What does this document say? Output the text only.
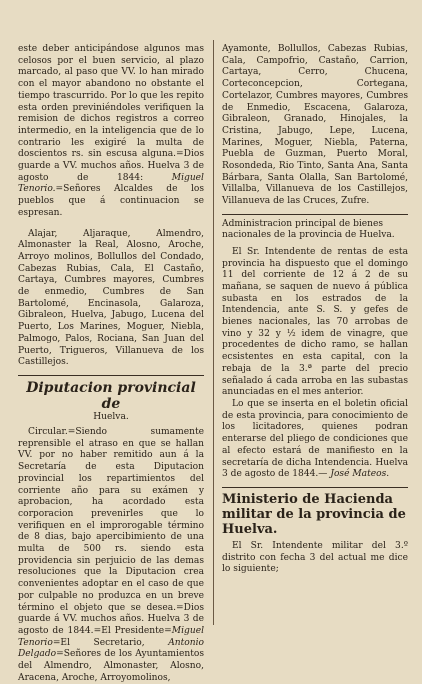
este deber anticipándose algunos mas celosos por el buen servicio, al plazo marcado, al paso que VV. lo han mirado con el mayor abandono no obstante el tiempo trascurrido. Por lo que les repito esta orden previniéndoles verifiquen la remision de dichos registros a correo intermedio, en la inteligencia que de lo contrario les exigiré la multa de doscientos rs. sin escusa alguna.=Dios guarde a VV. muchos años. Huelva 3 de agosto de 1844:	Miguel Tenorio.=Señores Alcaldes de los pueblos que á continuacion se espresan.

Alajar, Aljaraque, Almendro, Almonaster la Real, Alosno, Aroche, Arroyo molinos, Bollullos del Condado, Cabezas Rubias, Cala, El Castaño, Cartaya, Cumbres mayores, Cumbres de enmedio, Cumbres de San Bartolomé, Encinasola, Galaroza, Gibraleon, Huelva, Jabugo, Lucena del Puerto, Los Marines, Moguer, Niebla, Palmogo, Palos, Rociana, San Juan del Puerto, Trigueros, Villanueva de los Castillejos.

Diputacion provincial de
Huelva.

Circular.=Siendo sumamente reprensible el atraso en que se hallan VV. por no haber remitido aun á la Secretaría de esta Diputacion provincial los repartimientos del corriente año para su exámen y aprobacion, ha acordado esta corporacion prevenirles que lo verifiquen en el improrogable término de 8 dias, bajo apercibimiento de una multa de 500 rs. siendo esta providencia sin perjuicio de las demas resoluciones que la Diputacion crea convenientes adoptar en el caso de que por culpable no produzca en un breve término el objeto que se desea.=Dios guarde á VV. muchos años. Huelva 3 de agosto de 1844.=El Presidente=Miguel Tenorio=El Secretario,	Antonio Delgado=Señores de los Ayuntamientos del Almendro, Almonaster, Alosno, Aracena, Aroche, Arroyomolinos,

Ayamonte, Bollullos, Cabezas Rubias, Cala, Campofrio, Castaño, Carrion, Cartaya, Cerro, Chucena, Corteconcepcion, Cortegana, Cortelazor, Cumbres mayores, Cumbres de Enmedio, Escacena, Galaroza, Gibraleon, Granado, Hinojales, la Cristina, Jabugo, Lepe, Lucena, Marines, Moguer, Niebla, Paterna, Puebla de Guzman, Puerto Moral, Rosondeda, Rio Tinto, Santa Ana, Santa Bárbara, Santa Olalla, San Bartolomé, Villalba, Villanueva de los Castillejos, Villanueva de las Cruces, Zufre.

Administracion principal de bienes nacionales de la provincia de Huelva.

El Sr. Intendente de rentas de esta provincia ha dispuesto que el domingo 11 del corriente de 12 á 2 de su mañana, se saquen de nuevo á pública subasta en los estrados de la Intendencia, ante S. S. y gefes de bienes nacionales, las 70 arrobas de vino y 32 y ½ idem de vinagre, que procedentes de dicho ramo, se hallan ecsistentes en esta capital, con la rebaja de la 3.ª parte del precio señalado á cada arroba en las subastas anunciadas en el mes anterior.

Lo que se inserta en el boletin oficial de esta provincia, para conocimiento de los licitadores, quienes podran enterarse del pliego de condiciones que al efecto estará de manifiesto en la secretaría de dicha Intendencia. Huelva 3 de agosto de 1844.— José Mateos.

Ministerio de Hacienda militar de la provincia de Huelva.

El Sr. Intendente militar del 3.º distrito con fecha 3 del actual me dice lo siguiente;
